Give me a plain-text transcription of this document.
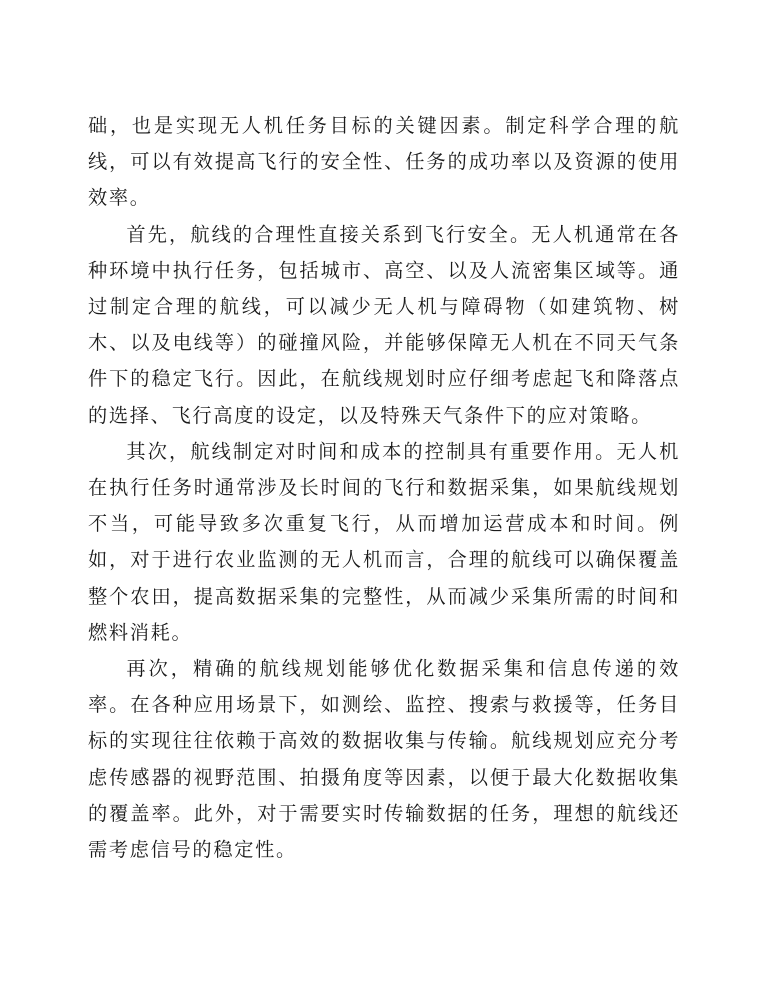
础，也是实现无人机任务目标的关键因素。制定科学合理的航线，可以有效提高飞行的安全性、任务的成功率以及资源的使用效率。

首先，航线的合理性直接关系到飞行安全。无人机通常在各种环境中执行任务，包括城市、高空、以及人流密集区域等。通过制定合理的航线，可以减少无人机与障碍物（如建筑物、树木、以及电线等）的碰撞风险，并能够保障无人机在不同天气条件下的稳定飞行。因此，在航线规划时应仔细考虑起飞和降落点的选择、飞行高度的设定，以及特殊天气条件下的应对策略。

其次，航线制定对时间和成本的控制具有重要作用。无人机在执行任务时通常涉及长时间的飞行和数据采集，如果航线规划不当，可能导致多次重复飞行，从而增加运营成本和时间。例如，对于进行农业监测的无人机而言，合理的航线可以确保覆盖整个农田，提高数据采集的完整性，从而减少采集所需的时间和燃料消耗。

再次，精确的航线规划能够优化数据采集和信息传递的效率。在各种应用场景下，如测绘、监控、搜索与救援等，任务目标的实现往往依赖于高效的数据收集与传输。航线规划应充分考虑传感器的视野范围、拍摄角度等因素，以便于最大化数据收集的覆盖率。此外，对于需要实时传输数据的任务，理想的航线还需考虑信号的稳定性。
